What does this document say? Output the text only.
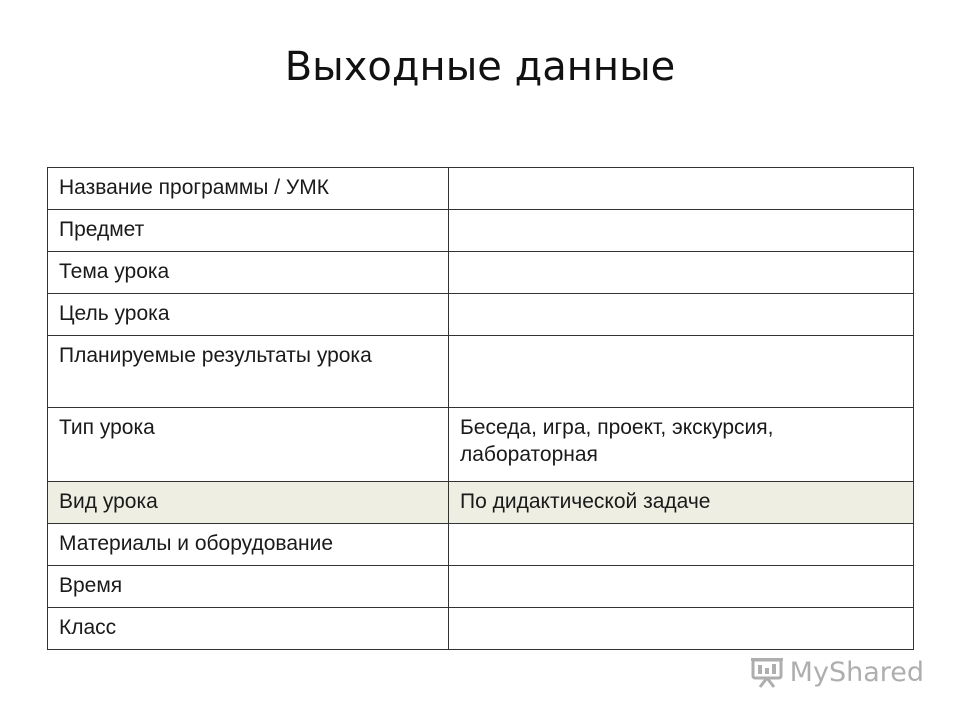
Выходные данные
Название программы / УМК	
Предмет	
Тема урока	
Цель урока	
Планируемые результаты урока	
Тип урока	Беседа, игра, проект, экскурсия, лабораторная
Вид урока	По дидактической задаче
Материалы и оборудование	
Время	
Класс	
MyShared
